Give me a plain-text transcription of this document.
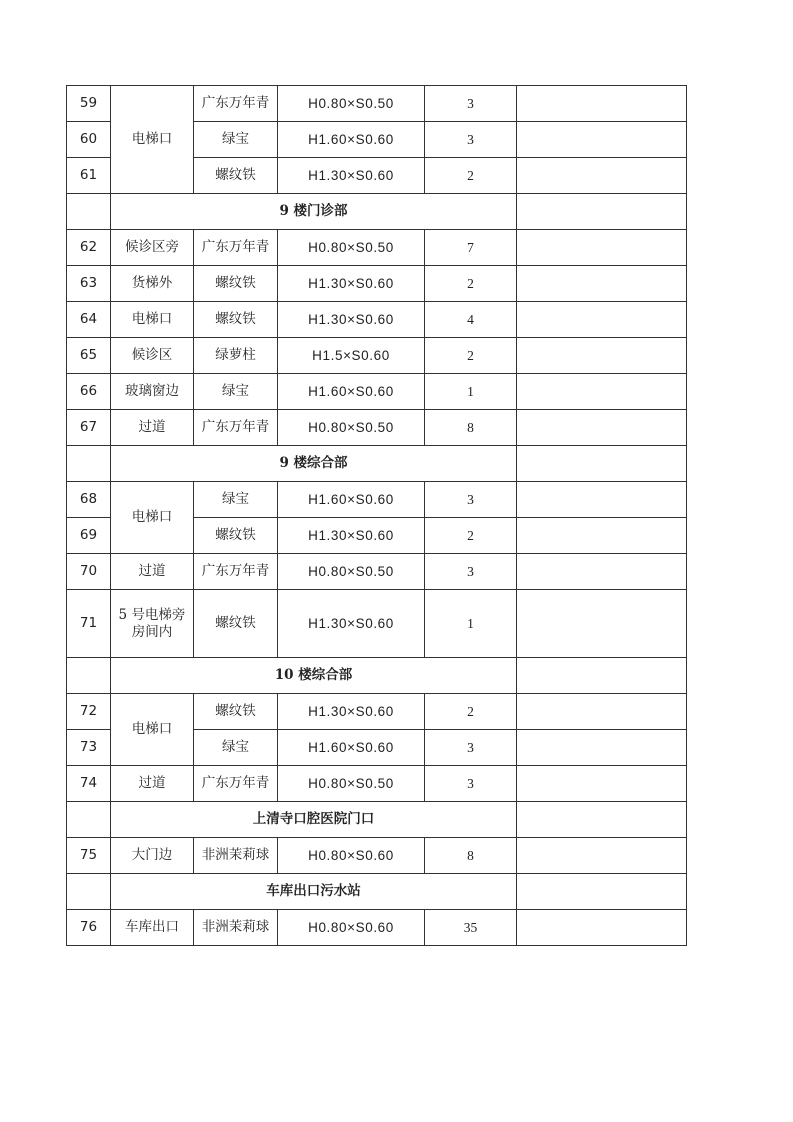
59	电梯口	广东万年青	H0.80×S0.50	3	
60		绿宝	H1.60×S0.60	3	
61		螺纹铁	H1.30×S0.60	2	
	9 楼门诊部				
62	候诊区旁	广东万年青	H0.80×S0.50	7	
63	货梯外	螺纹铁	H1.30×S0.60	2	
64	电梯口	螺纹铁	H1.30×S0.60	4	
65	候诊区	绿萝柱	H1.5×S0.60	2	
66	玻璃窗边	绿宝	H1.60×S0.60	1	
67	过道	广东万年青	H0.80×S0.50	8	
	9 楼综合部				
68	电梯口	绿宝	H1.60×S0.60	3	
69		螺纹铁	H1.30×S0.60	2	
70	过道	广东万年青	H0.80×S0.50	3	
71	5 号电梯旁
房间内	螺纹铁	H1.30×S0.60	1	
	10 楼综合部				
72	电梯口	螺纹铁	H1.30×S0.60	2	
73		绿宝	H1.60×S0.60	3	
74	过道	广东万年青	H0.80×S0.50	3	
	上清寺口腔医院门口				
75	大门边	非洲茉莉球	H0.80×S0.60	8	
	车库出口污水站				
76	车库出口	非洲茉莉球	H0.80×S0.60	35	
